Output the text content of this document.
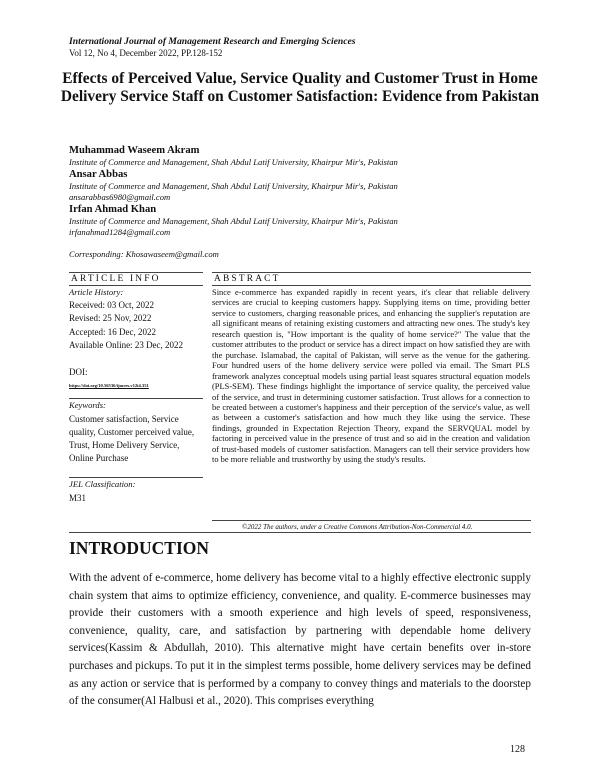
International Journal of Management Research and Emerging Sciences
Vol 12, No 4, December 2022, PP.128-152
Effects of Perceived Value, Service Quality and Customer Trust in Home Delivery Service Staff on Customer Satisfaction: Evidence from Pakistan
Muhammad Waseem Akram
Institute of Commerce and Management, Shah Abdul Latif University, Khairpur Mir's, Pakistan
Ansar Abbas
Institute of Commerce and Management, Shah Abdul Latif University, Khairpur Mir's, Pakistan
ansarabbas6980@gmail.com
Irfan Ahmad Khan
Institute of Commerce and Management, Shah Abdul Latif University, Khairpur Mir's, Pakistan
irfanahmad1284@gmail.com
Corresponding: Khosawaseem@gmail.com
ARTICLE INFO	ABSTRACT
Article History:
Received: 03 Oct, 2022
Revised: 25 Nov, 2022
Accepted: 16 Dec, 2022
Available Online: 23 Dec, 2022
DOI:
https://doi.org/10.56536/ijmres.v12i4.351
Keywords:
Customer satisfaction, Service quality, Customer perceived value, Trust, Home Delivery Service, Online Purchase
JEL Classification:
M31
Since e-commerce has expanded rapidly in recent years, it's clear that reliable delivery services are crucial to keeping customers happy. Supplying items on time, providing better service to customers, charging reasonable prices, and enhancing the supplier's reputation are all significant means of retaining existing customers and attracting new ones. The study's key research question is, "How important is the quality of home service?" The value that the customer attributes to the product or service has a direct impact on how satisfied they are with the purchase. Islamabad, the capital of Pakistan, will serve as the venue for the gathering. Four hundred users of the home delivery service were polled via email. The Smart PLS framework analyzes conceptual models using partial least squares structural equation models (PLS-SEM). These findings highlight the importance of service quality, the perceived value of the service, and trust in determining customer satisfaction. Trust allows for a connection to be created between a customer's happiness and their perception of the service's value, as well as between a customer's satisfaction and how much they like using the service. These findings, grounded in Expectation Rejection Theory, expand the SERVQUAL model by factoring in perceived value in the presence of trust and so aid in the creation and validation of trust-based models of customer satisfaction. Managers can tell their service providers how to be more reliable and trustworthy by using the study's results.
©2022 The authors, under a Creative Commons Attribution-Non-Commercial 4.0.
INTRODUCTION
With the advent of e-commerce, home delivery has become vital to a highly effective electronic supply chain system that aims to optimize efficiency, convenience, and quality. E-commerce businesses may provide their customers with a smooth experience and high levels of speed, responsiveness, convenience, quality, care, and satisfaction by partnering with dependable home delivery services(Kassim & Abdullah, 2010). This alternative might have certain benefits over in-store purchases and pickups. To put it in the simplest terms possible, home delivery services may be defined as any action or service that is performed by a company to convey things and materials to the doorstep of the consumer(Al Halbusi et al., 2020). This comprises everything
128
